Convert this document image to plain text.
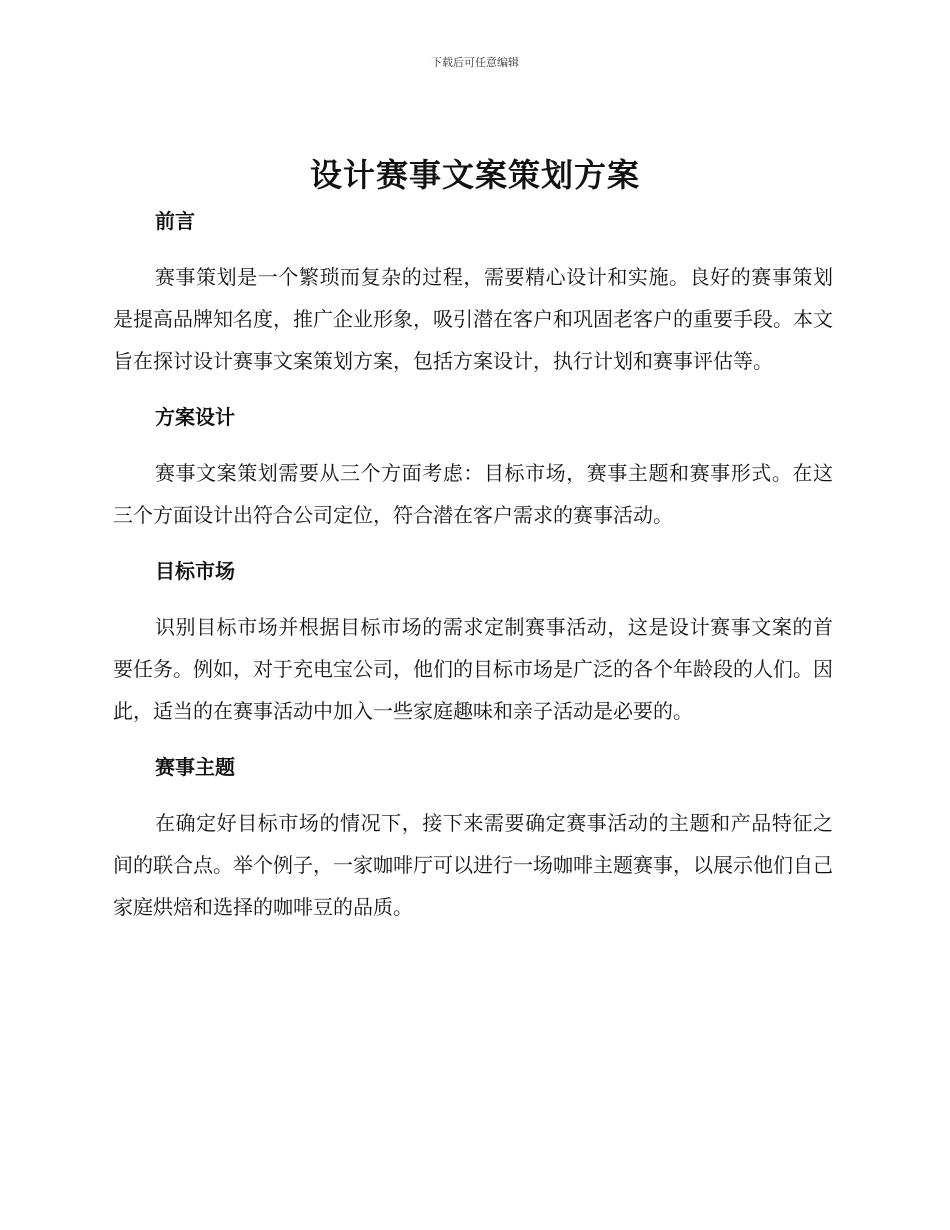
下载后可任意编辑
设计赛事文案策划方案
前言

赛事策划是一个繁琐而复杂的过程，需要精心设计和实施。良好的赛事策划是提高品牌知名度，推广企业形象，吸引潜在客户和巩固老客户的重要手段。本文旨在探讨设计赛事文案策划方案，包括方案设计，执行计划和赛事评估等。

方案设计

赛事文案策划需要从三个方面考虑：目标市场，赛事主题和赛事形式。在这三个方面设计出符合公司定位，符合潜在客户需求的赛事活动。

目标市场

识别目标市场并根据目标市场的需求定制赛事活动，这是设计赛事文案的首要任务。例如，对于充电宝公司，他们的目标市场是广泛的各个年龄段的人们。因此，适当的在赛事活动中加入一些家庭趣味和亲子活动是必要的。

赛事主题

在确定好目标市场的情况下，接下来需要确定赛事活动的主题和产品特征之间的联合点。举个例子，一家咖啡厅可以进行一场咖啡主题赛事，以展示他们自己家庭烘焙和选择的咖啡豆的品质。
